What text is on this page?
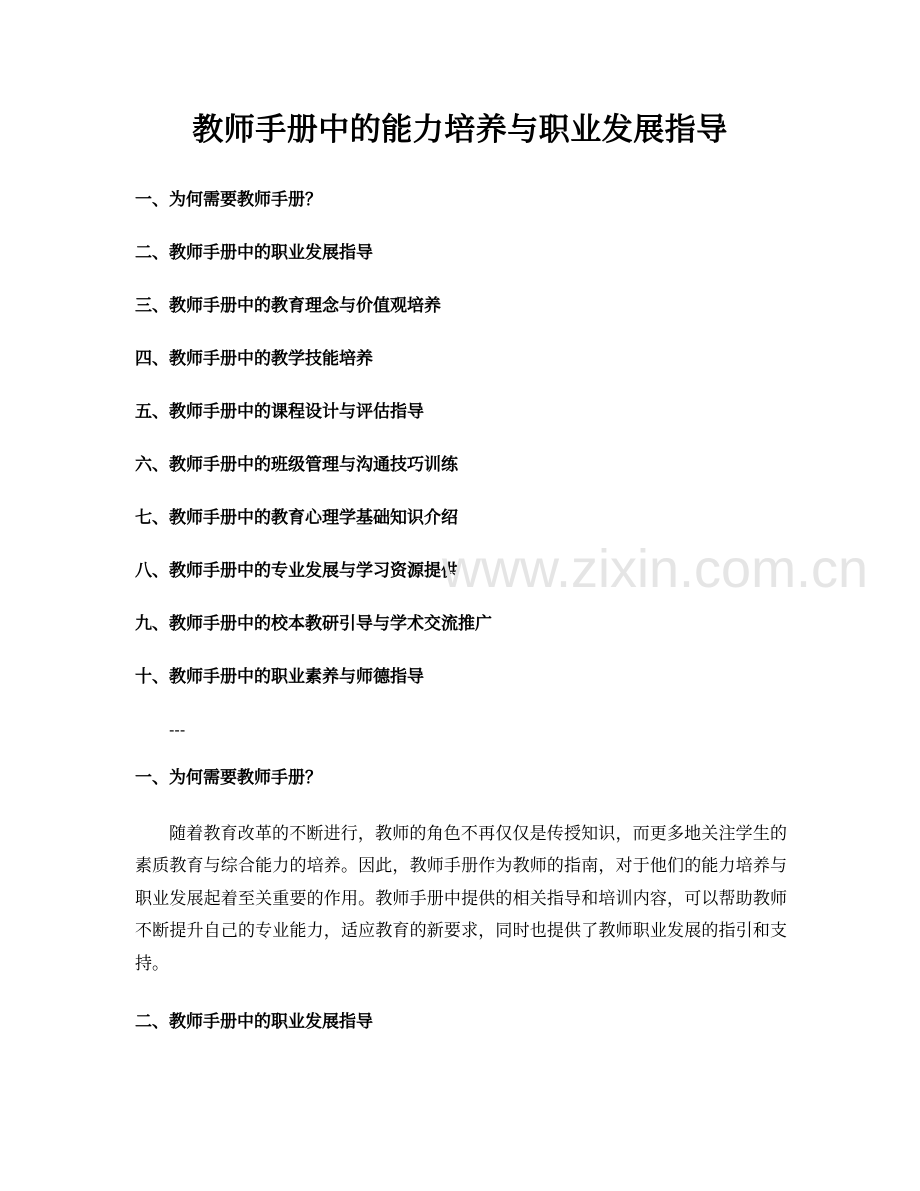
教师手册中的能力培养与职业发展指导
一、为何需要教师手册？
二、教师手册中的职业发展指导
三、教师手册中的教育理念与价值观培养
四、教师手册中的教学技能培养
五、教师手册中的课程设计与评估指导
六、教师手册中的班级管理与沟通技巧训练
七、教师手册中的教育心理学基础知识介绍
八、教师手册中的专业发展与学习资源提供
九、教师手册中的校本教研引导与学术交流推广
十、教师手册中的职业素养与师德指导
---
一、为何需要教师手册？
随着教育改革的不断进行，教师的角色不再仅仅是传授知识，而更多地关注学生的素质教育与综合能力的培养。因此，教师手册作为教师的指南，对于他们的能力培养与职业发展起着至关重要的作用。教师手册中提供的相关指导和培训内容，可以帮助教师不断提升自己的专业能力，适应教育的新要求，同时也提供了教师职业发展的指引和支持。
二、教师手册中的职业发展指导
www.zixin.com.cn
